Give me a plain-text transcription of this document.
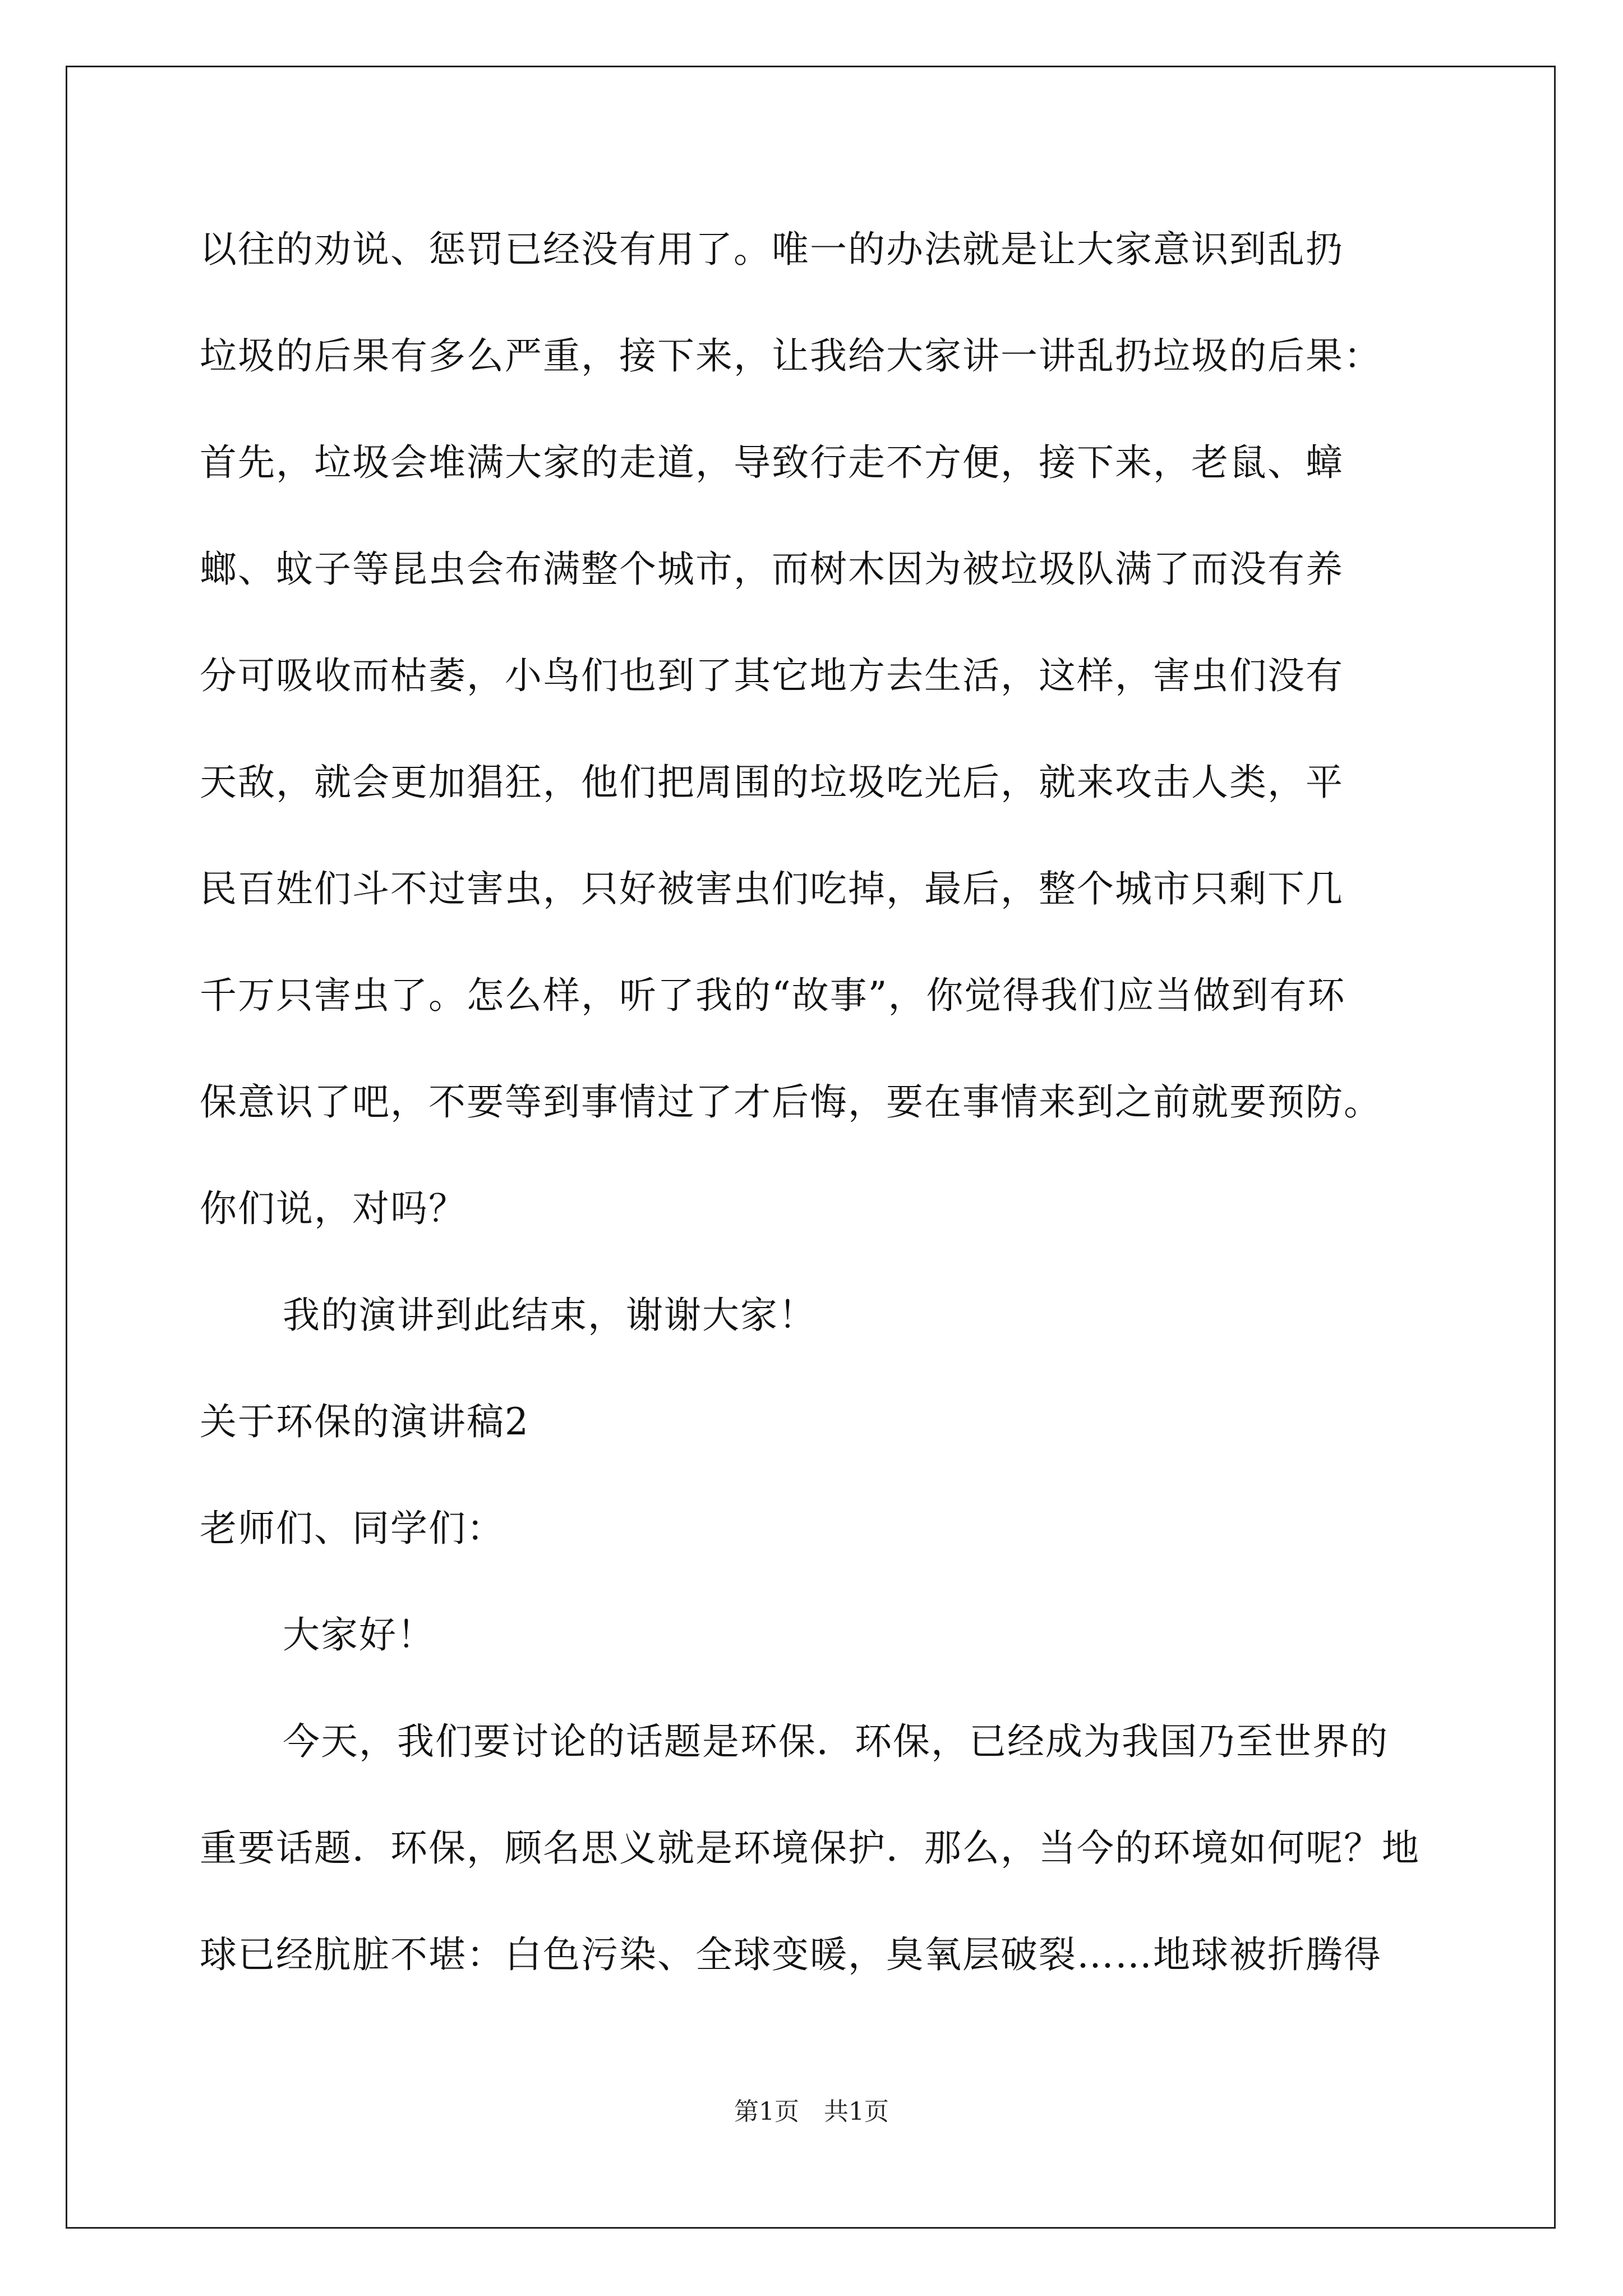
以往的劝说、惩罚已经没有用了。唯一的办法就是让大家意识到乱扔
垃圾的后果有多么严重，接下来，让我给大家讲一讲乱扔垃圾的后果：
首先，垃圾会堆满大家的走道，导致行走不方便，接下来，老鼠、蟑
螂、蚊子等昆虫会布满整个城市，而树木因为被垃圾队满了而没有养
分可吸收而枯萎，小鸟们也到了其它地方去生活，这样，害虫们没有
天敌，就会更加猖狂，他们把周围的垃圾吃光后，就来攻击人类，平
民百姓们斗不过害虫，只好被害虫们吃掉，最后，整个城市只剩下几
千万只害虫了。怎么样，听了我的“故事”，你觉得我们应当做到有环
保意识了吧，不要等到事情过了才后悔，要在事情来到之前就要预防。
你们说，对吗？
我的演讲到此结束，谢谢大家！
关于环保的演讲稿2
老师们、同学们：
大家好！
今天，我们要讨论的话题是环保．环保，已经成为我国乃至世界的
重要话题．环保，顾名思义就是环境保护．那么，当今的环境如何呢？地
球已经肮脏不堪：白色污染、全球变暖，臭氧层破裂……地球被折腾得
第1页　共1页
